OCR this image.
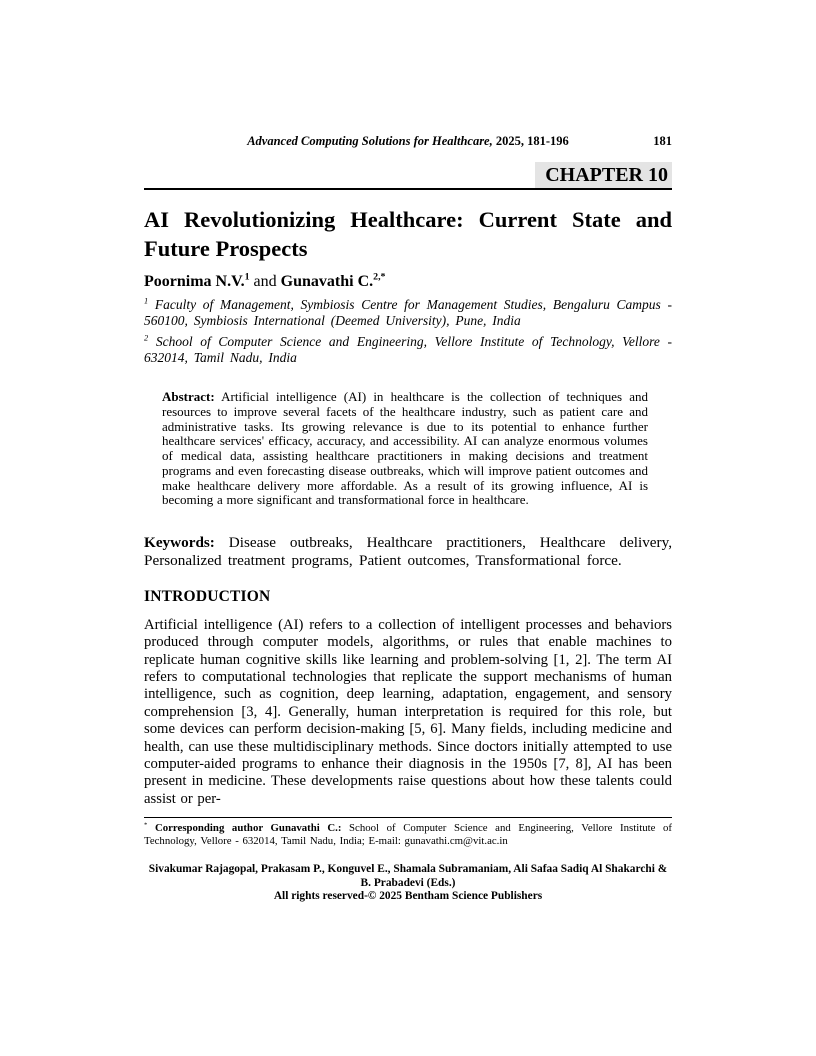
Advanced Computing Solutions for Healthcare, 2025, 181-196	181
CHAPTER 10
AI Revolutionizing Healthcare: Current State and Future Prospects
Poornima N.V.$^1$ and Gunavathi C.$^{2,*}$
$^1$ Faculty of Management, Symbiosis Centre for Management Studies, Bengaluru Campus - 560100, Symbiosis International (Deemed University), Pune, India
$^2$ School of Computer Science and Engineering, Vellore Institute of Technology, Vellore - 632014, Tamil Nadu, India
Abstract: Artificial intelligence (AI) in healthcare is the collection of techniques and resources to improve several facets of the healthcare industry, such as patient care and administrative tasks. Its growing relevance is due to its potential to enhance further healthcare services' efficacy, accuracy, and accessibility. AI can analyze enormous volumes of medical data, assisting healthcare practitioners in making decisions and treatment programs and even forecasting disease outbreaks, which will improve patient outcomes and make healthcare delivery more affordable. As a result of its growing influence, AI is becoming a more significant and transformational force in healthcare.
Keywords: Disease outbreaks, Healthcare practitioners, Healthcare delivery, Personalized treatment programs, Patient outcomes, Transformational force.
INTRODUCTION

Artificial intelligence (AI) refers to a collection of intelligent processes and behaviors produced through computer models, algorithms, or rules that enable machines to replicate human cognitive skills like learning and problem-solving [1, 2]. The term AI refers to computational technologies that replicate the support mechanisms of human intelligence, such as cognition, deep learning, adaptation, engagement, and sensory comprehension [3, 4]. Generally, human interpretation is required for this role, but some devices can perform decision-making [5, 6]. Many fields, including medicine and health, can use these multidisciplinary methods. Since doctors initially attempted to use computer-aided programs to enhance their diagnosis in the 1950s [7, 8], AI has been present in medicine. These developments raise questions about how these talents could assist or per-

* Corresponding author Gunavathi C.: School of Computer Science and Engineering, Vellore Institute of Technology, Vellore - 632014, Tamil Nadu, India; E-mail: gunavathi.cm@vit.ac.in
Sivakumar Rajagopal, Prakasam P., Konguvel E., Shamala Subramaniam, Ali Safaa Sadiq Al Shakarchi & B. Prabadevi (Eds.)
All rights reserved-© 2025 Bentham Science Publishers
